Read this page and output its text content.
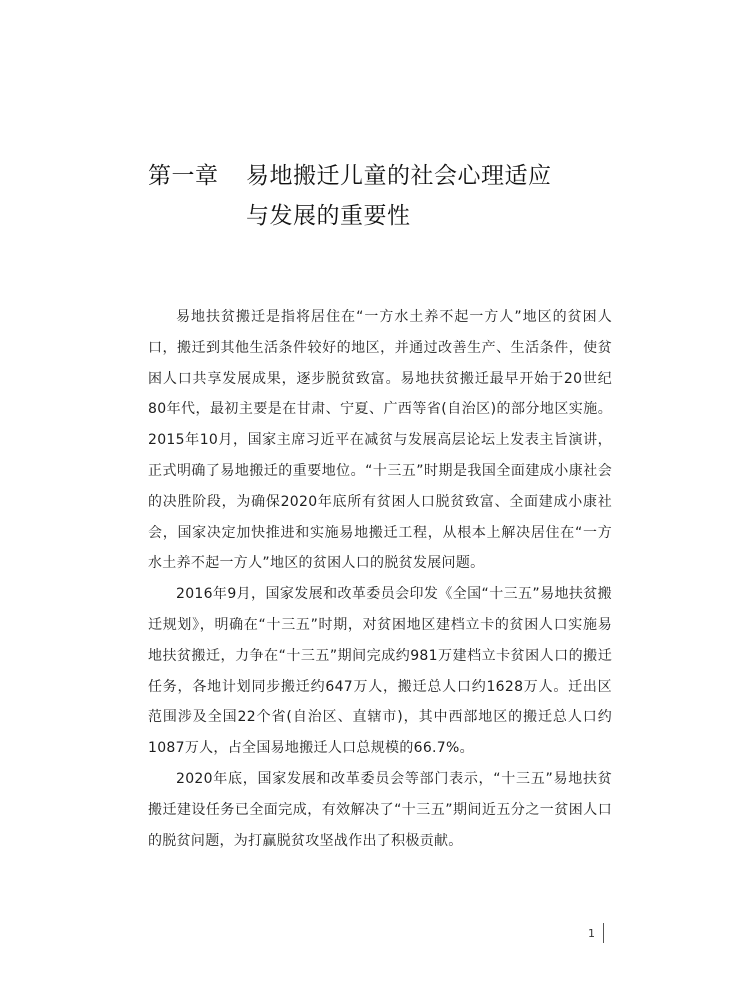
第一章	易地搬迁儿童的社会心理适应
与发展的重要性

易地扶贫搬迁是指将居住在“一方水土养不起一方人”地区的贫困人口，搬迁到其他生活条件较好的地区，并通过改善生产、生活条件，使贫困人口共享发展成果，逐步脱贫致富。易地扶贫搬迁最早开始于20世纪80年代，最初主要是在甘肃、宁夏、广西等省(自治区)的部分地区实施。2015年10月，国家主席习近平在减贫与发展高层论坛上发表主旨演讲，正式明确了易地搬迁的重要地位。“十三五”时期是我国全面建成小康社会的决胜阶段，为确保2020年底所有贫困人口脱贫致富、全面建成小康社会，国家决定加快推进和实施易地搬迁工程，从根本上解决居住在“一方水土养不起一方人”地区的贫困人口的脱贫发展问题。

2016年9月，国家发展和改革委员会印发《全国“十三五”易地扶贫搬迁规划》，明确在“十三五”时期，对贫困地区建档立卡的贫困人口实施易地扶贫搬迁，力争在“十三五”期间完成约981万建档立卡贫困人口的搬迁任务，各地计划同步搬迁约647万人，搬迁总人口约1628万人。迁出区范围涉及全国22个省(自治区、直辖市)，其中西部地区的搬迁总人口约1087万人，占全国易地搬迁人口总规模的66.7%。

2020年底，国家发展和改革委员会等部门表示，“十三五”易地扶贫搬迁建设任务已全面完成，有效解决了“十三五”期间近五分之一贫困人口的脱贫问题，为打赢脱贫攻坚战作出了积极贡献。

1
